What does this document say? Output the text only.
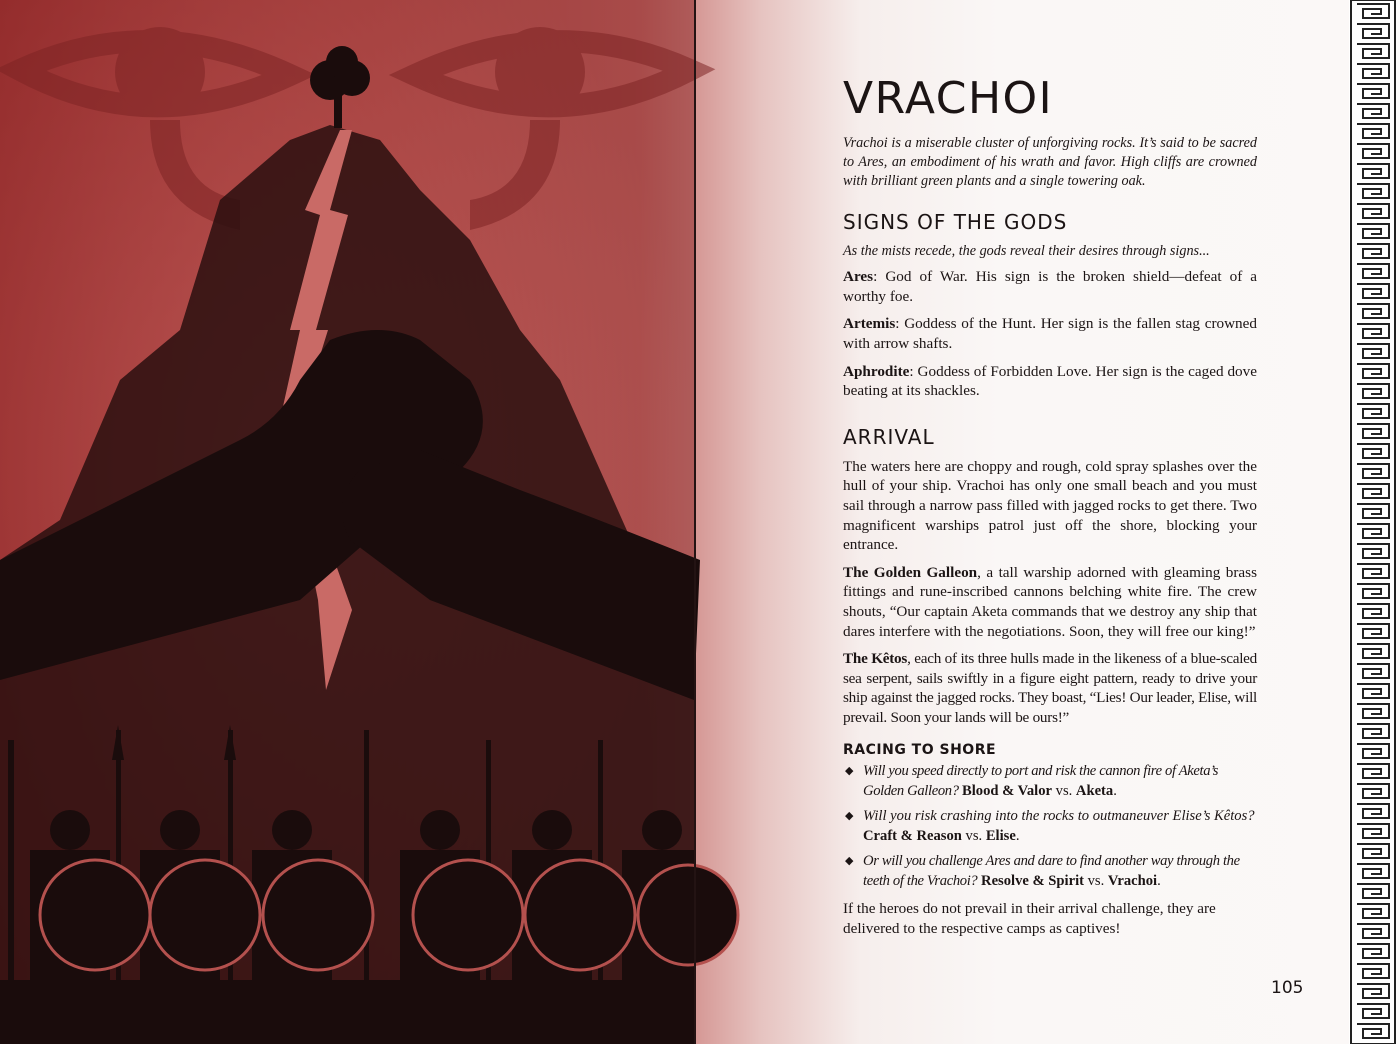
VRACHOI

Vrachoi is a miserable cluster of unforgiving rocks. It’s said to be sacred to Ares, an embodiment of his wrath and favor. High cliffs are crowned with brilliant green plants and a single towering oak.

SIGNS OF THE GODS

As the mists recede, the gods reveal their desires through signs...

Ares: God of War. His sign is the broken shield—defeat of a worthy foe.

Artemis: Goddess of the Hunt. Her sign is the fallen stag crowned with arrow shafts.

Aphrodite: Goddess of Forbidden Love. Her sign is the caged dove beating at its shackles.

ARRIVAL

The waters here are choppy and rough, cold spray splashes over the hull of your ship. Vrachoi has only one small beach and you must sail through a narrow pass filled with jagged rocks to get there. Two magnificent warships patrol just off the shore, blocking your entrance.

The Golden Galleon, a tall warship adorned with gleaming brass fittings and rune-inscribed cannons belching white fire. The crew shouts, “Our captain Aketa commands that we destroy any ship that dares interfere with the negotiations. Soon, they will free our king!”

The Kêtos, each of its three hulls made in the likeness of a blue-scaled sea serpent, sails swiftly in a figure eight pattern, ready to drive your ship against the jagged rocks. They boast, “Lies! Our leader, Elise, will prevail. Soon your lands will be ours!”

RACING TO SHORE
◆ Will you speed directly to port and risk the cannon fire of Aketa’s Golden Galleon? Blood & Valor vs. Aketa.
◆ Will you risk crashing into the rocks to outmaneuver Elise’s Kêtos? Craft & Reason vs. Elise.
◆ Or will you challenge Ares and dare to find another way through the teeth of the Vrachoi? Resolve & Spirit vs. Vrachoi.

If the heroes do not prevail in their arrival challenge, they are delivered to the respective camps as captives!

105
